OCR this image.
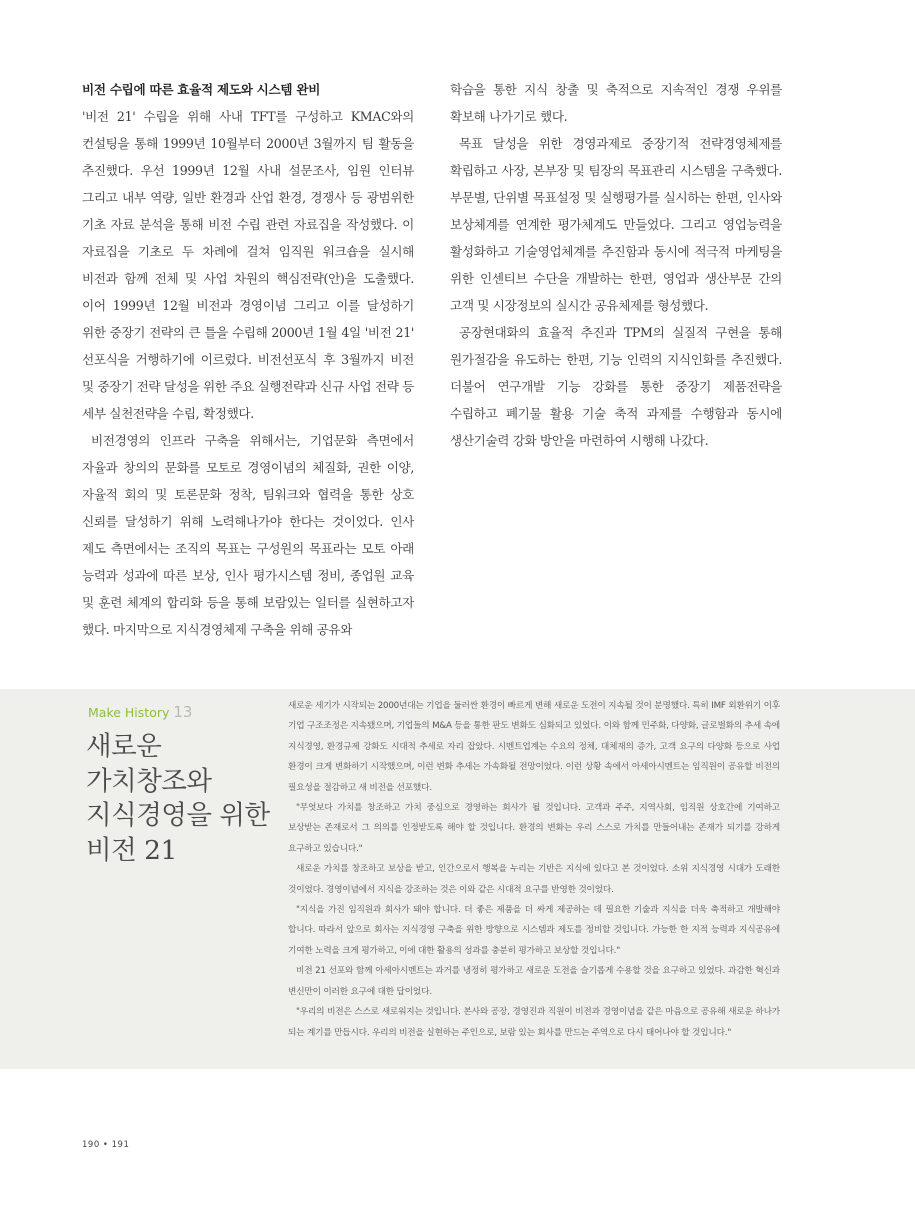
비전 수립에 따른 효율적 제도와 시스템 완비

'비전 21' 수립을 위해 사내 TFT를 구성하고 KMAC와의 컨설팅을 통해 1999년 10월부터 2000년 3월까지 팀 활동을 추진했다. 우선 1999년 12월 사내 설문조사, 임원 인터뷰 그리고 내부 역량, 일반 환경과 산업 환경, 경쟁사 등 광범위한 기초 자료 분석을 통해 비전 수립 관련 자료집을 작성했다. 이 자료집을 기초로 두 차례에 걸쳐 임직원 워크숍을 실시해 비전과 함께 전체 및 사업 차원의 핵심전략(안)을 도출했다. 이어 1999년 12월 비전과 경영이념 그리고 이를 달성하기 위한 중장기 전략의 큰 틀을 수립해 2000년 1월 4일 '비전 21' 선포식을 거행하기에 이르렀다. 비전선포식 후 3월까지 비전 및 중장기 전략 달성을 위한 주요 실행전략과 신규 사업 전략 등 세부 실천전략을 수립, 확정했다.

비전경영의 인프라 구축을 위해서는, 기업문화 측면에서 자율과 창의의 문화를 모토로 경영이념의 체질화, 권한 이양, 자율적 회의 및 토론문화 정착, 팀워크와 협력을 통한 상호 신뢰를 달성하기 위해 노력해나가야 한다는 것이었다. 인사 제도 측면에서는 조직의 목표는 구성원의 목표라는 모토 아래 능력과 성과에 따른 보상, 인사 평가시스템 정비, 종업원 교육 및 훈련 체계의 합리화 등을 통해 보람있는 일터를 실현하고자 했다. 마지막으로 지식경영체제 구축을 위해 공유와

학습을 통한 지식 창출 및 축적으로 지속적인 경쟁 우위를 확보해 나가기로 했다.

목표 달성을 위한 경영과제로 중장기적 전략경영체제를 확립하고 사장, 본부장 및 팀장의 목표관리 시스템을 구축했다. 부문별, 단위별 목표설정 및 실행평가를 실시하는 한편, 인사와 보상체계를 연계한 평가체계도 만들었다. 그리고 영업능력을 활성화하고 기술영업체계를 추진함과 동시에 적극적 마케팅을 위한 인센티브 수단을 개발하는 한편, 영업과 생산부문 간의 고객 및 시장정보의 실시간 공유체제를 형성했다.

공장현대화의 효율적 추진과 TPM의 실질적 구현을 통해 원가절감을 유도하는 한편, 기능 인력의 지식인화를 추진했다. 더불어 연구개발 기능 강화를 통한 중장기 제품전략을 수립하고 폐기물 활용 기술 축적 과제를 수행함과 동시에 생산기술력 강화 방안을 마련하여 시행해 나갔다.

Make History 13
새로운
가치창조와
지식경영을 위한
비전 21

새로운 세기가 시작되는 2000년대는 기업을 둘러싼 환경이 빠르게 변해 새로운 도전이 지속될 것이 분명했다. 특히 IMF 외환위기 이후 기업 구조조정은 지속됐으며, 기업들의 M&A 등을 통한 판도 변화도 심화되고 있었다. 이와 함께 민주화, 다양화, 글로벌화의 추세 속에 지식경영, 환경규제 강화도 시대적 추세로 자리 잡았다. 시멘트업계는 수요의 정체, 대체재의 증가, 고객 요구의 다양화 등으로 사업 환경이 크게 변화하기 시작했으며, 이런 변화 추세는 가속화될 전망이었다. 이런 상황 속에서 아세아시멘트는 임직원이 공유할 비전의 필요성을 절감하고 새 비전을 선포했다.

"무엇보다 가치를 창조하고 가치 중심으로 경영하는 회사가 될 것입니다. 고객과 주주, 지역사회, 임직원 상호간에 기여하고 보상받는 존재로서 그 의의를 인정받도록 해야 할 것입니다. 환경의 변화는 우리 스스로 가치를 만들어내는 존재가 되기를 강하게 요구하고 있습니다."

새로운 가치를 창조하고 보상을 받고, 인간으로서 행복을 누리는 기반은 지식에 있다고 본 것이었다. 소위 지식경영 시대가 도래한 것이었다. 경영이념에서 지식을 강조하는 것은 이와 같은 시대적 요구를 반영한 것이었다.

"지식을 가진 임직원과 회사가 돼야 합니다. 더 좋은 제품을 더 싸게 제공하는 데 필요한 기술과 지식을 더욱 축적하고 개발해야 합니다. 따라서 앞으로 회사는 지식경영 구축을 위한 방향으로 시스템과 제도를 정비할 것입니다. 가능한 한 지적 능력과 지식공유에 기여한 노력을 크게 평가하고, 이에 대한 활용의 성과를 충분히 평가하고 보상할 것입니다."

비전 21 선포와 함께 아세아시멘트는 과거를 냉정히 평가하고 새로운 도전을 슬기롭게 수용할 것을 요구하고 있었다. 과감한 혁신과 변신만이 이러한 요구에 대한 답이었다.

"우리의 비전은 스스로 새로워지는 것입니다. 본사와 공장, 경영진과 직원이 비전과 경영이념을 같은 마음으로 공유해 새로운 하나가 되는 계기를 만듭시다. 우리의 비전을 실현하는 주인으로, 보람 있는 회사를 만드는 주역으로 다시 태어나야 할 것입니다."

190 • 191
